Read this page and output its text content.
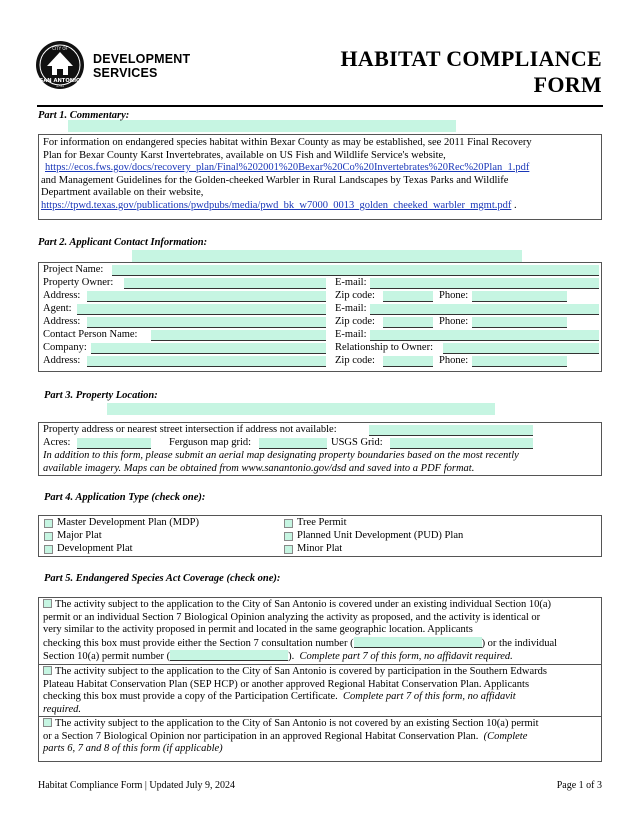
CITY OF
SAN ANTONIO
1731
DEVELOPMENT
SERVICES
HABITAT COMPLIANCE
FORM
Part 1. Commentary:
For information on endangered species habitat within Bexar County as may be established, see 2011 Final Recovery
Plan for Bexar County Karst Invertebrates, available on US Fish and Wildlife Service's website,
https://ecos.fws.gov/docs/recovery_plan/Final%202001%20Bexar%20Co%20Invertebrates%20Rec%20Plan_1.pdf
and Management Guidelines for the Golden-cheeked Warbler in Rural Landscapes by Texas Parks and Wildlife
Department available on their website,
https://tpwd.texas.gov/publications/pwdpubs/media/pwd_bk_w7000_0013_golden_cheeked_warbler_mgmt.pdf .
Part 2. Applicant Contact Information:
Project Name:
Property Owner:	E-mail:
Address:	Zip code:	Phone:
Agent:	E-mail:
Address:	Zip code:	Phone:
Contact Person Name:	E-mail:
Company:	Relationship to Owner:
Address:	Zip code:	Phone:
Part 3. Property Location:
Property address or nearest street intersection if address not available:
Acres:	Ferguson map grid:	USGS Grid:
In addition to this form, please submit an aerial map designating property boundaries based on the most recently
available imagery. Maps can be obtained from www.sanantonio.gov/dsd and saved into a PDF format.
Part 4. Application Type (check one):
Master Development Plan (MDP)	Tree Permit
Major Plat	Planned Unit Development (PUD) Plan
Development Plat	Minor Plat
Part 5. Endangered Species Act Coverage (check one):
The activity subject to the application to the City of San Antonio is covered under an existing individual Section 10(a)
permit or an individual Section 7 Biological Opinion analyzing the activity as proposed, and the activity is identical or
very similar to the activity proposed in permit and located in the same geographic location. Applicants
checking this box must provide either the Section 7 consultation number (	) or the individual
Section 10(a) permit number (	). Complete part 7 of this form, no affidavit required.
The activity subject to the application to the City of San Antonio is covered by participation in the Southern Edwards
Plateau Habitat Conservation Plan (SEP HCP) or another approved Regional Habitat Conservation Plan. Applicants
checking this box must provide a copy of the Participation Certificate. Complete part 7 of this form, no affidavit
required.
The activity subject to the application to the City of San Antonio is not covered by an existing Section 10(a) permit
or a Section 7 Biological Opinion nor participation in an approved Regional Habitat Conservation Plan. (Complete
parts 6, 7 and 8 of this form (if applicable)
Habitat Compliance Form | Updated July 9, 2024	Page 1 of 3
